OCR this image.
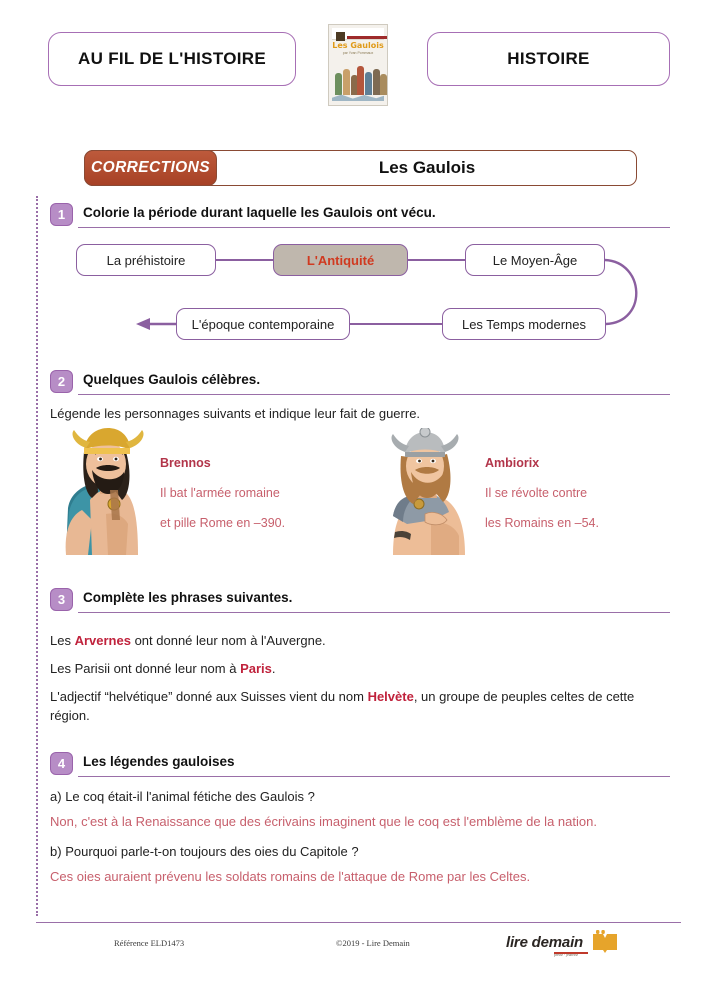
AU FIL DE L'HISTOIRE
Les Gaulois
par Yvan Pommaux	HISTOIRE
CORRECTIONS	Les Gaulois
1	Colorie la période durant laquelle les Gaulois ont vécu.
La préhistoire	L'Antiquité	Le Moyen-Âge
Les Temps modernes
L'époque contemporaine
2	Quelques Gaulois célèbres.
Légende les personnages suivants et indique leur fait de guerre.
Brennos
Il bat l'armée romaine
et pille Rome en –390.
Ambiorix
Il se révolte contre
les Romains en –54.
3	Complète les phrases suivantes.
Les Arvernes ont donné leur nom à l'Auvergne.
Les Parisii ont donné leur nom à Paris.
L'adjectif “helvétique” donné aux Suisses vient du nom Helvète, un groupe de peuples celtes de cette région.
4	Les légendes gauloises
a) Le coq était-il l'animal fétiche des Gaulois ?
Non, c'est à la Renaissance que des écrivains imaginent que le coq est l'emblème de la nation.
b) Pourquoi parle-t-on toujours des oies du Capitole ?
Ces oies auraient prévenu les soldats romains de l'attaque de Rome par les Celtes.
Référence ELD1473	©2019 - Lire Demain	lire demain
presse - jeunesse
